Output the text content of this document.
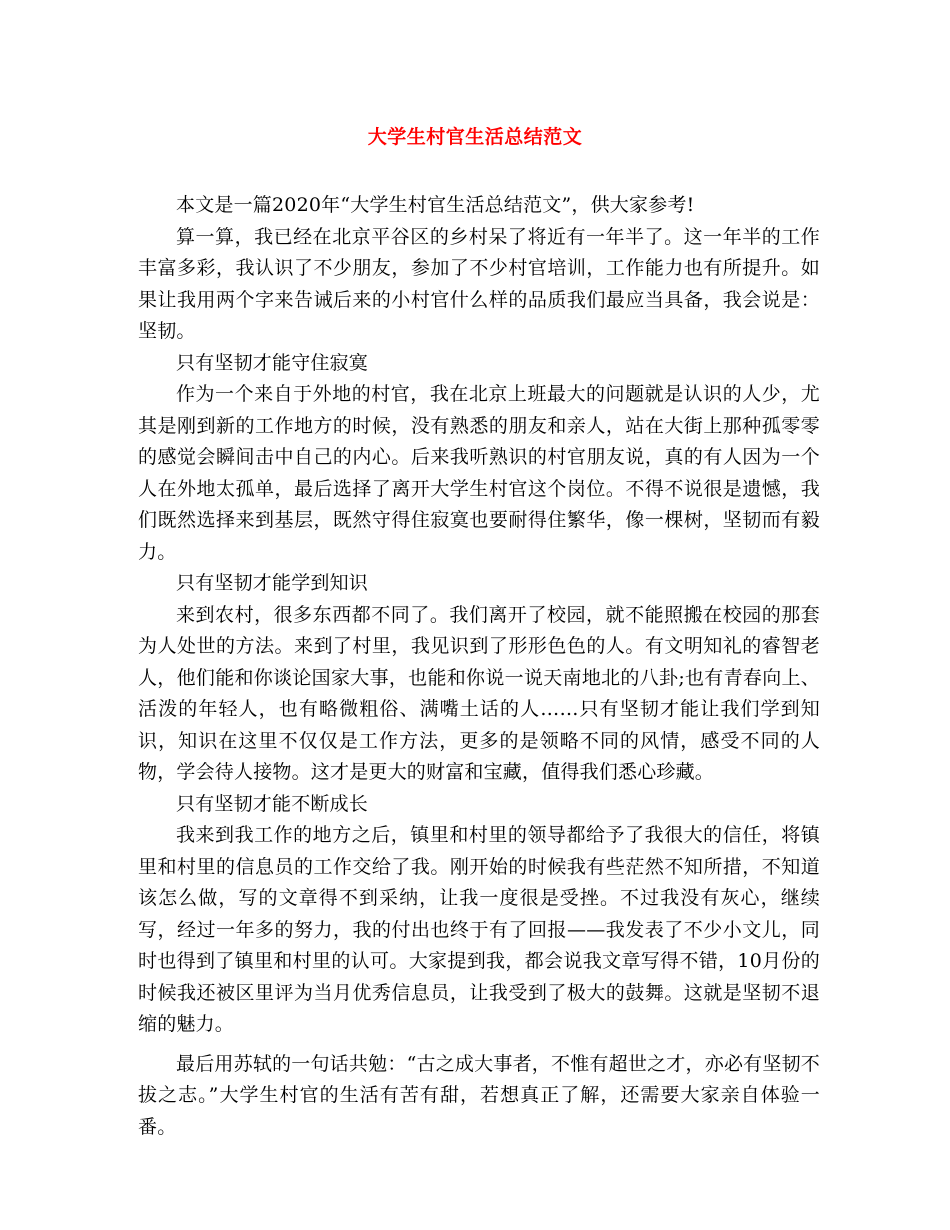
大学生村官生活总结范文

本文是一篇2020年“大学生村官生活总结范文”，供大家参考!

算一算，我已经在北京平谷区的乡村呆了将近有一年半了。这一年半的工作丰富多彩，我认识了不少朋友，参加了不少村官培训，工作能力也有所提升。如果让我用两个字来告诫后来的小村官什么样的品质我们最应当具备，我会说是：坚韧。

只有坚韧才能守住寂寞

作为一个来自于外地的村官，我在北京上班最大的问题就是认识的人少，尤其是刚到新的工作地方的时候，没有熟悉的朋友和亲人，站在大街上那种孤零零的感觉会瞬间击中自己的内心。后来我听熟识的村官朋友说，真的有人因为一个人在外地太孤单，最后选择了离开大学生村官这个岗位。不得不说很是遗憾，我们既然选择来到基层，既然守得住寂寞也要耐得住繁华，像一棵树，坚韧而有毅力。

只有坚韧才能学到知识

来到农村，很多东西都不同了。我们离开了校园，就不能照搬在校园的那套为人处世的方法。来到了村里，我见识到了形形色色的人。有文明知礼的睿智老人，他们能和你谈论国家大事，也能和你说一说天南地北的八卦;也有青春向上、活泼的年轻人，也有略微粗俗、满嘴土话的人……只有坚韧才能让我们学到知识，知识在这里不仅仅是工作方法，更多的是领略不同的风情，感受不同的人物，学会待人接物。这才是更大的财富和宝藏，值得我们悉心珍藏。

只有坚韧才能不断成长

我来到我工作的地方之后，镇里和村里的领导都给予了我很大的信任，将镇里和村里的信息员的工作交给了我。刚开始的时候我有些茫然不知所措，不知道该怎么做，写的文章得不到采纳，让我一度很是受挫。不过我没有灰心，继续写，经过一年多的努力，我的付出也终于有了回报——我发表了不少小文儿，同时也得到了镇里和村里的认可。大家提到我，都会说我文章写得不错，10月份的时候我还被区里评为当月优秀信息员，让我受到了极大的鼓舞。这就是坚韧不退缩的魅力。

最后用苏轼的一句话共勉：“古之成大事者，不惟有超世之才，亦必有坚韧不拔之志。”大学生村官的生活有苦有甜，若想真正了解，还需要大家亲自体验一番。
